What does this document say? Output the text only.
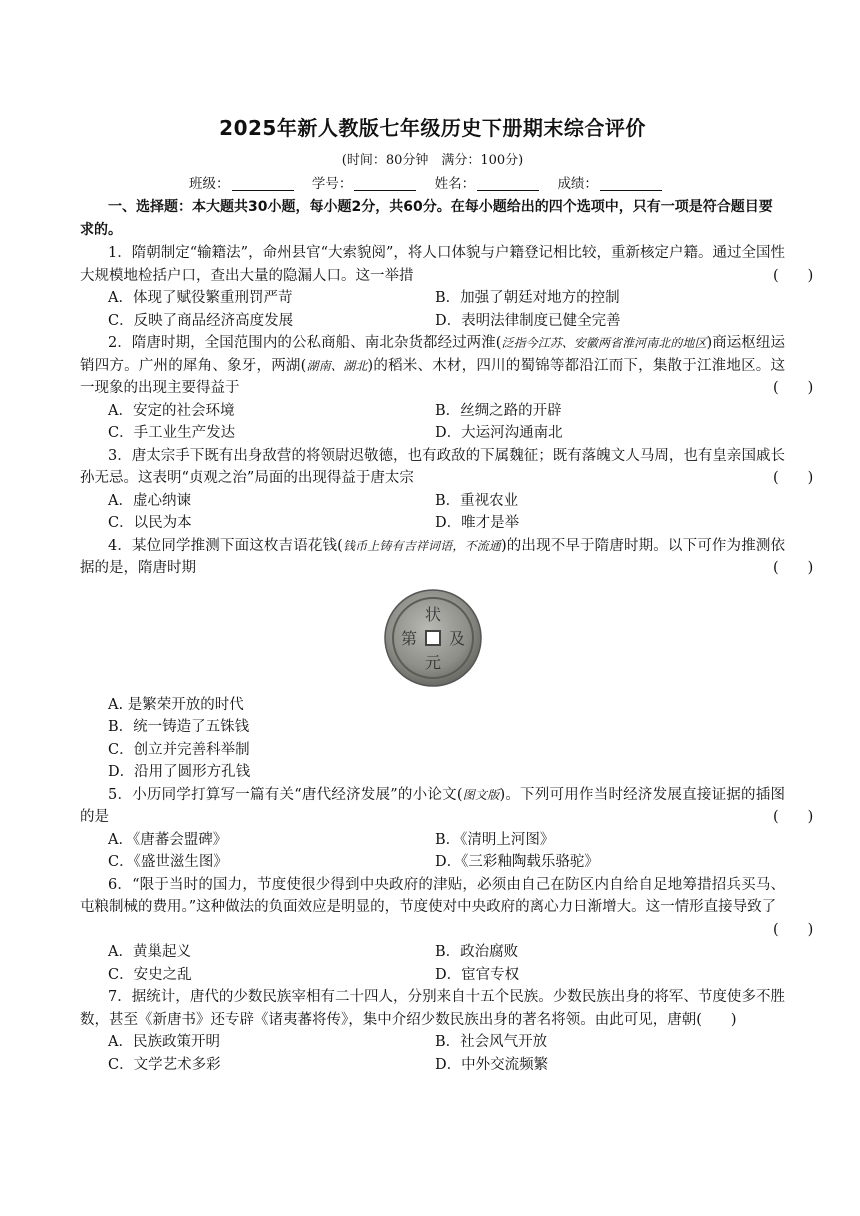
2025年新人教版七年级历史下册期末综合评价
(时间：80分钟　满分：100分)
班级：	学号：	姓名：	成绩：
一、选择题：本大题共30小题，每小题2分，共60分。在每小题给出的四个选项中，只有一项是符合题目要求的。
1．隋朝制定“输籍法”，命州县官“大索貌阅”，将人口体貌与户籍登记相比较，重新核定户籍。通过全国性大规模地检括户口，查出大量的隐漏人口。这一举措	(　　)
A．体现了赋役繁重刑罚严苛	B．加强了朝廷对地方的控制
C．反映了商品经济高度发展	D．表明法律制度已健全完善
2．隋唐时期，全国范围内的公私商船、南北杂货都经过两淮(泛指今江苏、安徽两省淮河南北的地区)商运枢纽运销四方。广州的犀角、象牙，两湖(湖南、湖北)的稻米、木材，四川的蜀锦等都沿江而下，集散于江淮地区。这一现象的出现主要得益于	(　　)
A．安定的社会环境	B．丝绸之路的开辟
C．手工业生产发达	D．大运河沟通南北
3．唐太宗手下既有出身敌营的将领尉迟敬德，也有政敌的下属魏征；既有落魄文人马周，也有皇亲国戚长孙无忌。这表明“贞观之治”局面的出现得益于唐太宗	(　　)
A．虚心纳谏	B．重视农业
C．以民为本	D．唯才是举
4．某位同学推测下面这枚吉语花钱(钱币上铸有吉祥词语，不流通)的出现不早于隋唐时期。以下可作为推测依据的是，隋唐时期	(　　)
状
元
及
第
A. 是繁荣开放的时代
B．统一铸造了五铢钱
C．创立并完善科举制
D．沿用了圆形方孔钱
5．小历同学打算写一篇有关“唐代经济发展”的小论文(图文版)。下列可用作当时经济发展直接证据的插图的是	(　　)
A．《唐蕃会盟碑》	B．《清明上河图》
C．《盛世滋生图》	D．《三彩釉陶载乐骆驼》
6．“限于当时的国力，节度使很少得到中央政府的津贴，必须由自己在防区内自给自足地筹措招兵买马、屯粮制械的费用。”这种做法的负面效应是明显的，节度使对中央政府的离心力日渐增大。这一情形直接导致了
(　　)
A．黄巢起义	B．政治腐败
C．安史之乱	D．宦官专权
7．据统计，唐代的少数民族宰相有二十四人，分别来自十五个民族。少数民族出身的将军、节度使多不胜数，甚至《新唐书》还专辟《诸夷蕃将传》，集中介绍少数民族出身的著名将领。由此可见，唐朝(　　)
A．民族政策开明	B．社会风气开放
C．文学艺术多彩	D．中外交流频繁
